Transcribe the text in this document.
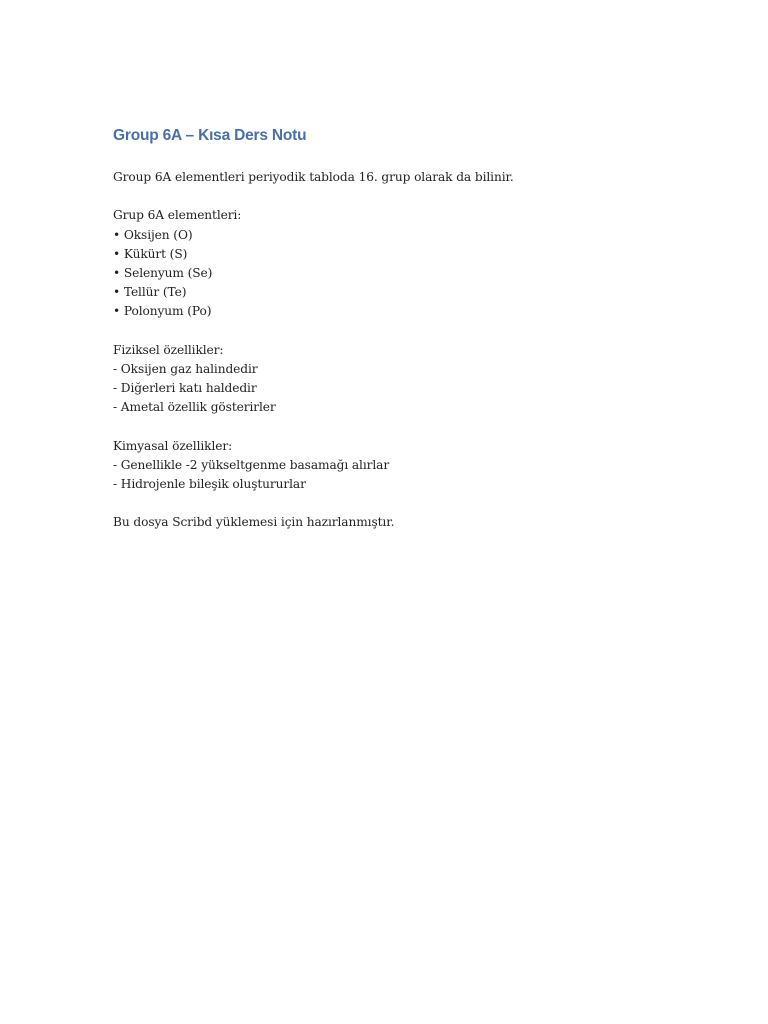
Group 6A – Kısa Ders Notu

Group 6A elementleri periyodik tabloda 16. grup olarak da bilinir.

Grup 6A elementleri:
• Oksijen (O)
• Kükürt (S)
• Selenyum (Se)
• Tellür (Te)
• Polonyum (Po)
Fiziksel özellikler:
- Oksijen gaz halindedir
- Diğerleri katı haldedir
- Ametal özellik gösterirler
Kimyasal özellikler:
- Genellikle -2 yükseltgenme basamağı alırlar
- Hidrojenle bileşik oluştururlar

Bu dosya Scribd yüklemesi için hazırlanmıştır.
